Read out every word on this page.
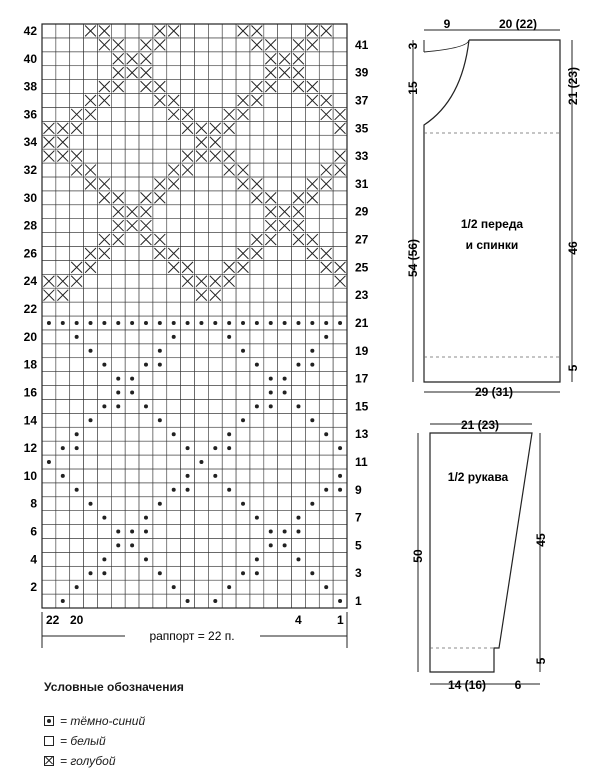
1
2
3
4
5
6
7
8
9
10
11
12
13
14
15
16
17
18
19
20
21
22
23
24
25
26
27
28
29
30
31
32
33
34
35
36
37
38
39
40
41
42
22 20	4	1
раппорт = 22 п.
9	20 (22)
3
15
54 (56)
21 (23)
46
5
29 (31)
1/2 переда
и спинки
21 (23)
50
45
5
14 (16) 6
1/2 рукава
Условные обозначения
= тёмно-синий
= белый
= голубой
